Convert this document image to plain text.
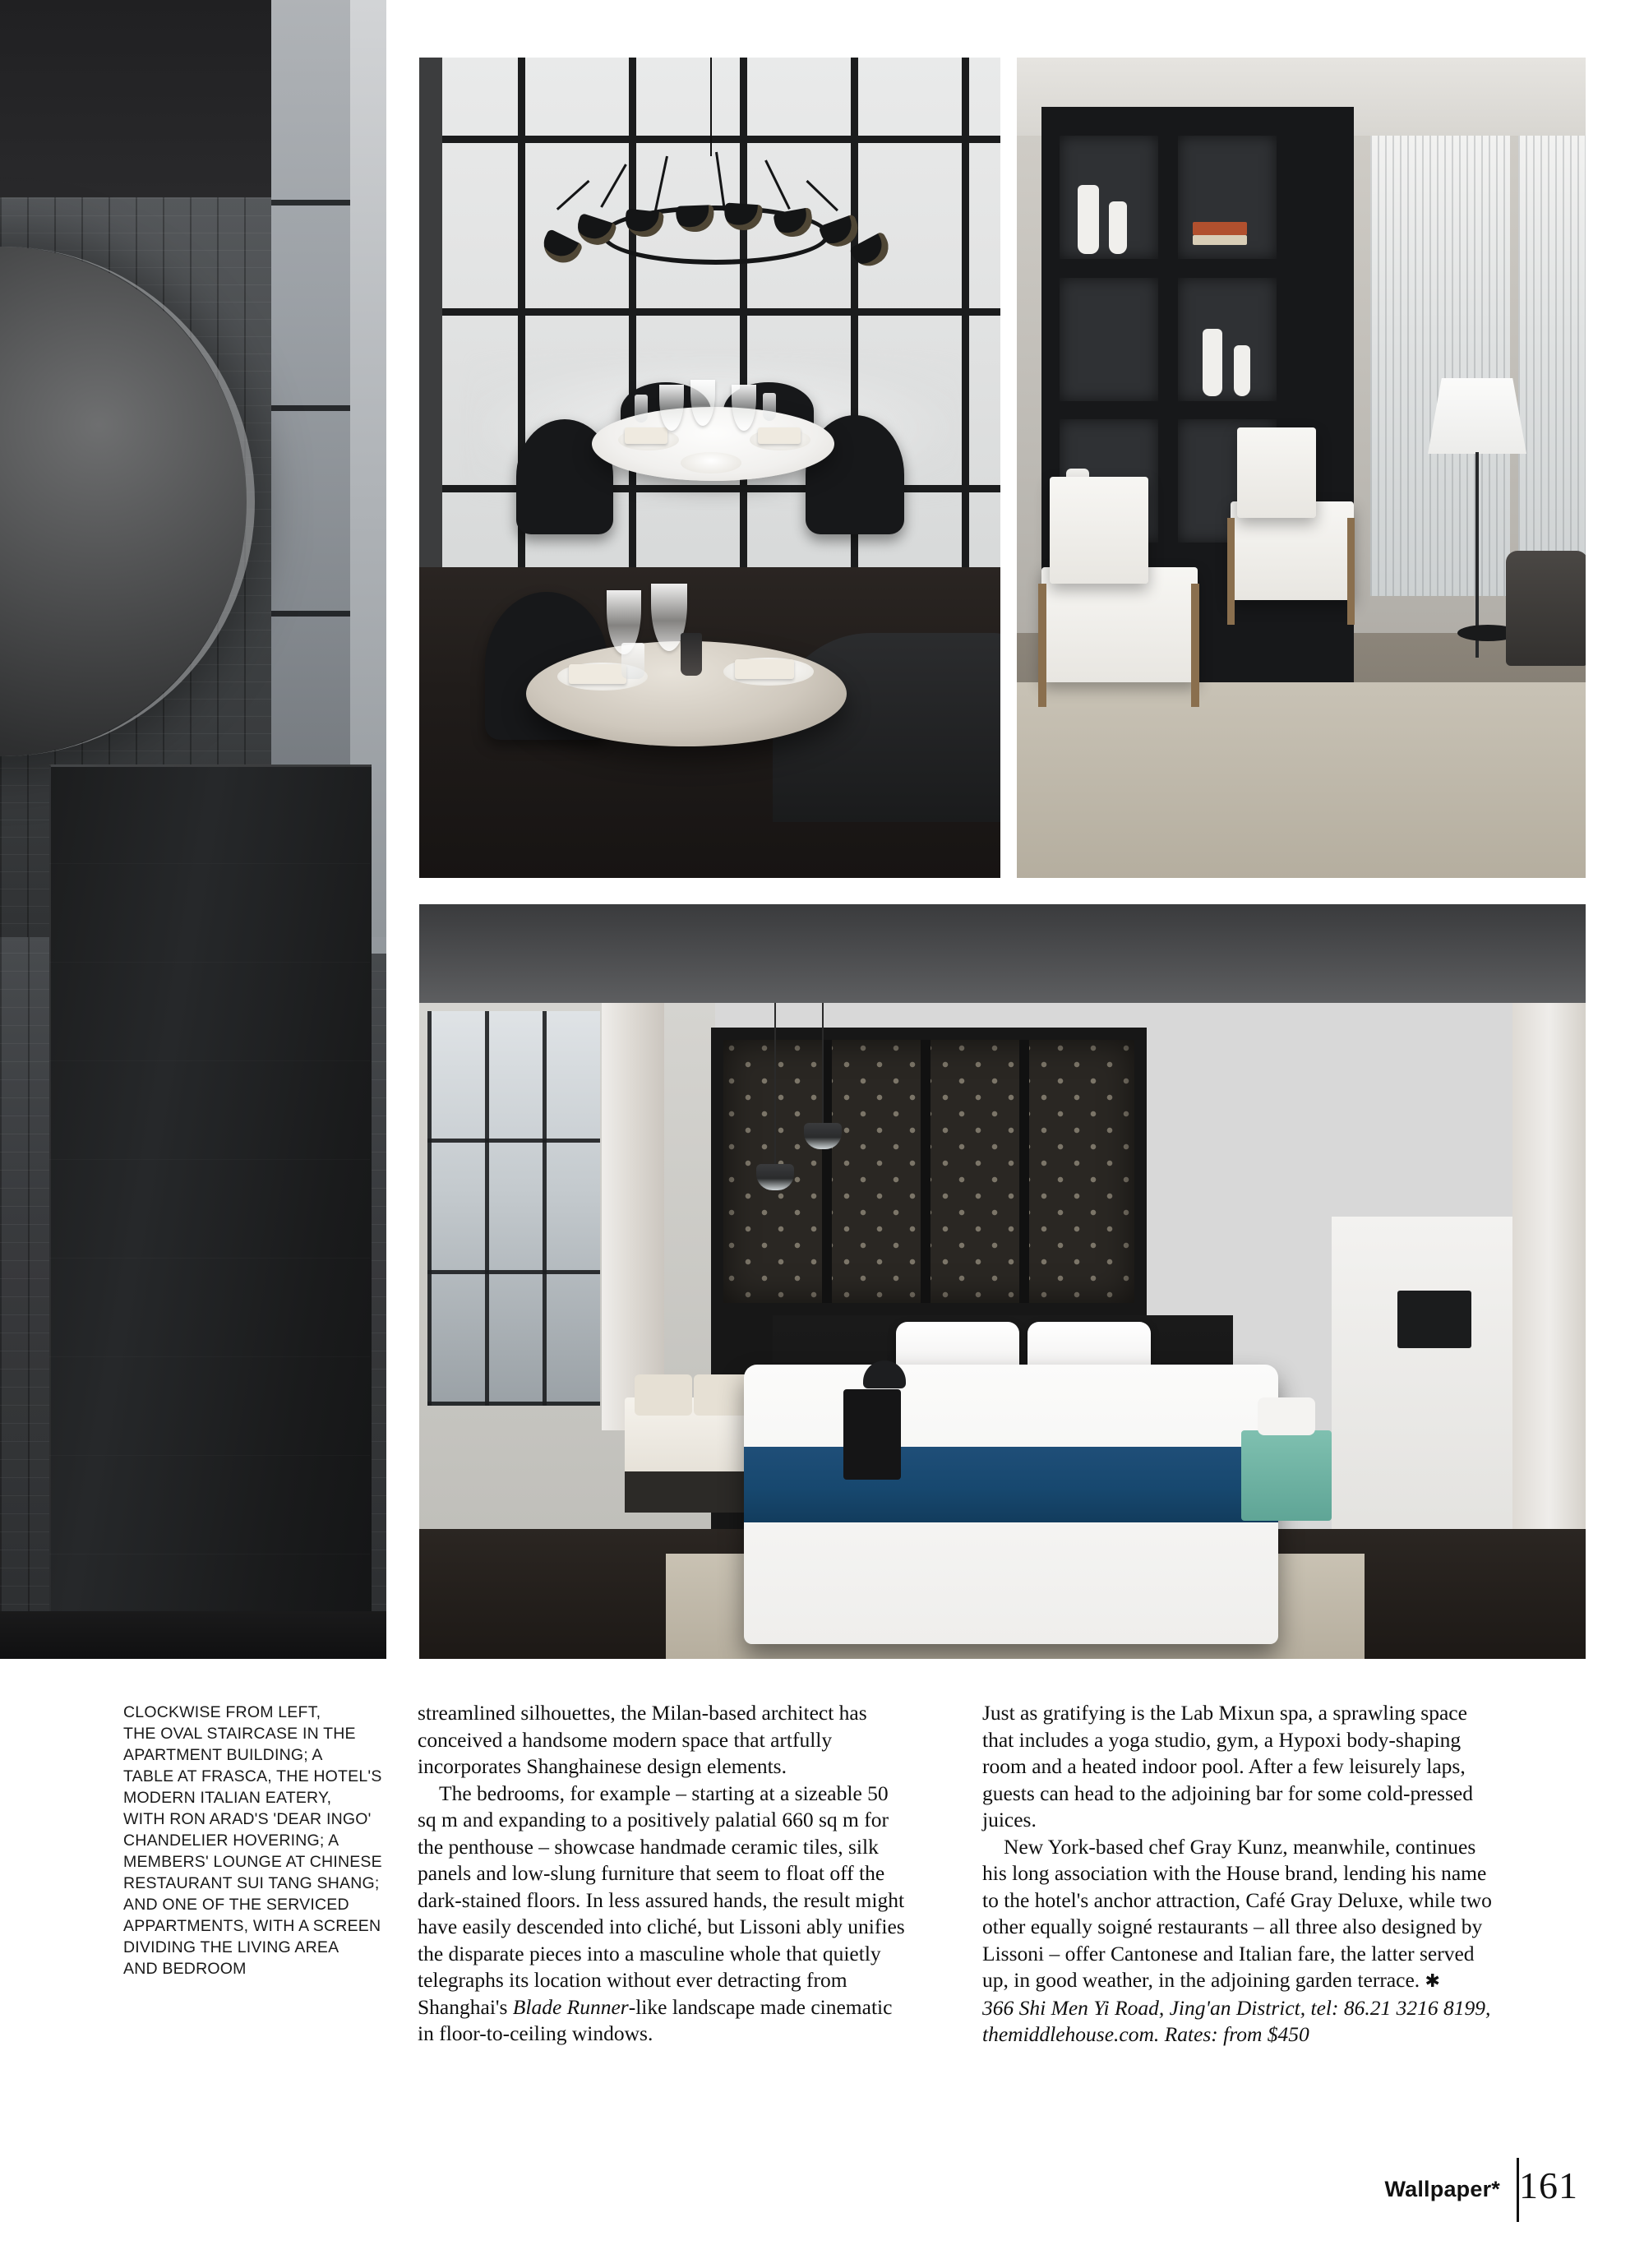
CLOCKWISE FROM LEFT,
THE OVAL STAIRCASE IN THE
APARTMENT BUILDING; A
TABLE AT FRASCA, THE HOTEL'S
MODERN ITALIAN EATERY,
WITH RON ARAD'S 'DEAR INGO'
CHANDELIER HOVERING; A
MEMBERS' LOUNGE AT CHINESE
RESTAURANT SUI TANG SHANG;
AND ONE OF THE SERVICED
APPARTMENTS, WITH A SCREEN
DIVIDING THE LIVING AREA
AND BEDROOM

streamlined silhouettes, the Milan-based architect has conceived a handsome modern space that artfully incorporates Shanghainese design elements.

The bedrooms, for example – starting at a sizeable 50 sq m and expanding to a positively palatial 660 sq m for the penthouse – showcase handmade ceramic tiles, silk panels and low-slung furniture that seem to float off the dark-stained floors. In less assured hands, the result might have easily descended into cliché, but Lissoni ably unifies the disparate pieces into a masculine whole that quietly telegraphs its location without ever detracting from Shanghai's Blade Runner-like landscape made cinematic in floor-to-ceiling windows.

Just as gratifying is the Lab Mixun spa, a sprawling space that includes a yoga studio, gym, a Hypoxi body-shaping room and a heated indoor pool. After a few leisurely laps, guests can head to the adjoining bar for some cold-pressed juices.

New York-based chef Gray Kunz, meanwhile, continues his long association with the House brand, lending his name to the hotel's anchor attraction, Café Gray Deluxe, while two other equally soigné restaurants – all three also designed by Lissoni – offer Cantonese and Italian fare, the latter served up, in good weather, in the adjoining garden terrace. ✱

366 Shi Men Yi Road, Jing'an District, tel: 86.21 3216 8199, themiddlehouse.com. Rates: from $450

Wallpaper* 161
